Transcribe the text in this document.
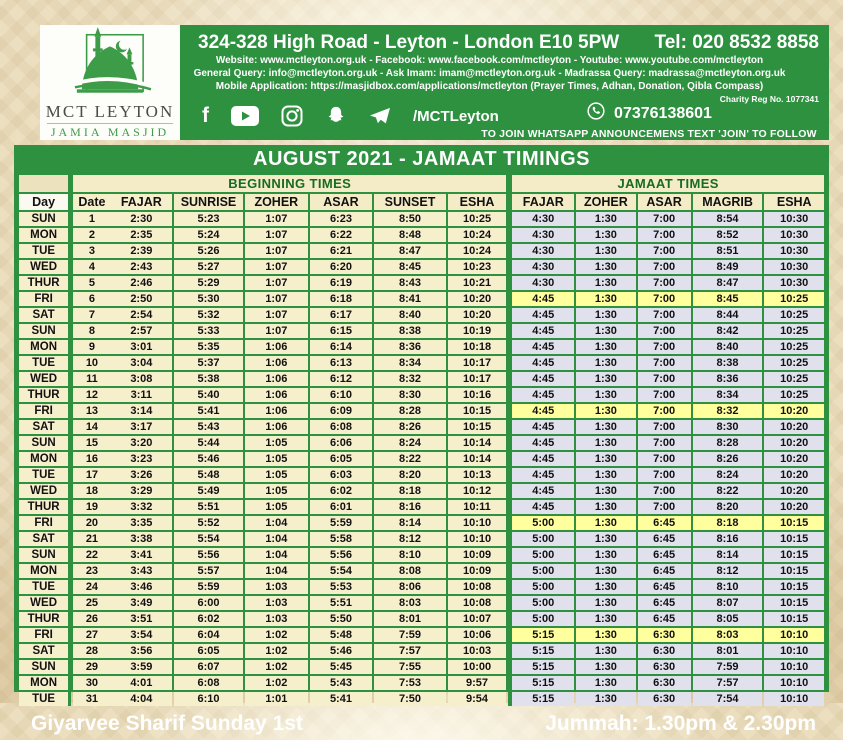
MCT LEYTON
JAMIA MASJID
324-328 High Road - Leyton - London E10 5PW Tel: 020 8532 8858
Website: www.mctleyton.org.uk - Facebook: www.facebook.com/mctleyton - Youtube: www.youtube.com/mctleyton
General Query: info@mctleyton.org.uk - Ask Imam: imam@mctleyton.org.uk - Madrassa Query: madrassa@mctleyton.org.uk
Mobile Application: https://masjidbox.com/applications/mctleyton (Prayer Times, Adhan, Donation, Qibla Compass)
Charity Reg No. 1077341
f	/MCTLeyton	07376138601
TO JOIN WHATSAPP ANNOUNCEMENS TEXT 'JOIN' TO FOLLOW
AUGUST 2021 - JAMAAT TIMINGS
	BEGINNING TIMES						JAMAAT TIMES				
Day	Date FAJAR	SUNRISE	ZOHER	ASAR	SUNSET	ESHA	FAJAR	ZOHER	ASAR	MAGRIB	ESHA
SUN	1 2:30	5:23	1:07	6:23	8:50	10:25	4:30	1:30	7:00	8:54	10:30
MON	2 2:35	5:24	1:07	6:22	8:48	10:24	4:30	1:30	7:00	8:52	10:30
TUE	3 2:39	5:26	1:07	6:21	8:47	10:24	4:30	1:30	7:00	8:51	10:30
WED	4 2:43	5:27	1:07	6:20	8:45	10:23	4:30	1:30	7:00	8:49	10:30
THUR	5 2:46	5:29	1:07	6:19	8:43	10:21	4:30	1:30	7:00	8:47	10:30
FRI	6 2:50	5:30	1:07	6:18	8:41	10:20	4:45	1:30	7:00	8:45	10:25
SAT	7 2:54	5:32	1:07	6:17	8:40	10:20	4:45	1:30	7:00	8:44	10:25
SUN	8 2:57	5:33	1:07	6:15	8:38	10:19	4:45	1:30	7:00	8:42	10:25
MON	9 3:01	5:35	1:06	6:14	8:36	10:18	4:45	1:30	7:00	8:40	10:25
TUE	10 3:04	5:37	1:06	6:13	8:34	10:17	4:45	1:30	7:00	8:38	10:25
WED	11 3:08	5:38	1:06	6:12	8:32	10:17	4:45	1:30	7:00	8:36	10:25
THUR	12 3:11	5:40	1:06	6:10	8:30	10:16	4:45	1:30	7:00	8:34	10:25
FRI	13 3:14	5:41	1:06	6:09	8:28	10:15	4:45	1:30	7:00	8:32	10:20
SAT	14 3:17	5:43	1:06	6:08	8:26	10:15	4:45	1:30	7:00	8:30	10:20
SUN	15 3:20	5:44	1:05	6:06	8:24	10:14	4:45	1:30	7:00	8:28	10:20
MON	16 3:23	5:46	1:05	6:05	8:22	10:14	4:45	1:30	7:00	8:26	10:20
TUE	17 3:26	5:48	1:05	6:03	8:20	10:13	4:45	1:30	7:00	8:24	10:20
WED	18 3:29	5:49	1:05	6:02	8:18	10:12	4:45	1:30	7:00	8:22	10:20
THUR	19 3:32	5:51	1:05	6:01	8:16	10:11	4:45	1:30	7:00	8:20	10:20
FRI	20 3:35	5:52	1:04	5:59	8:14	10:10	5:00	1:30	6:45	8:18	10:15
SAT	21 3:38	5:54	1:04	5:58	8:12	10:10	5:00	1:30	6:45	8:16	10:15
SUN	22 3:41	5:56	1:04	5:56	8:10	10:09	5:00	1:30	6:45	8:14	10:15
MON	23 3:43	5:57	1:04	5:54	8:08	10:09	5:00	1:30	6:45	8:12	10:15
TUE	24 3:46	5:59	1:03	5:53	8:06	10:08	5:00	1:30	6:45	8:10	10:15
WED	25 3:49	6:00	1:03	5:51	8:03	10:08	5:00	1:30	6:45	8:07	10:15
THUR	26 3:51	6:02	1:03	5:50	8:01	10:07	5:00	1:30	6:45	8:05	10:15
FRI	27 3:54	6:04	1:02	5:48	7:59	10:06	5:15	1:30	6:30	8:03	10:10
SAT	28 3:56	6:05	1:02	5:46	7:57	10:03	5:15	1:30	6:30	8:01	10:10
SUN	29 3:59	6:07	1:02	5:45	7:55	10:00	5:15	1:30	6:30	7:59	10:10
MON	30 4:01	6:08	1:02	5:43	7:53	9:57	5:15	1:30	6:30	7:57	10:10
TUE	31 4:04	6:10	1:01	5:41	7:50	9:54	5:15	1:30	6:30	7:54	10:10
Giyarvee Sharif Sunday 1st	Jummah: 1.30pm & 2.30pm
